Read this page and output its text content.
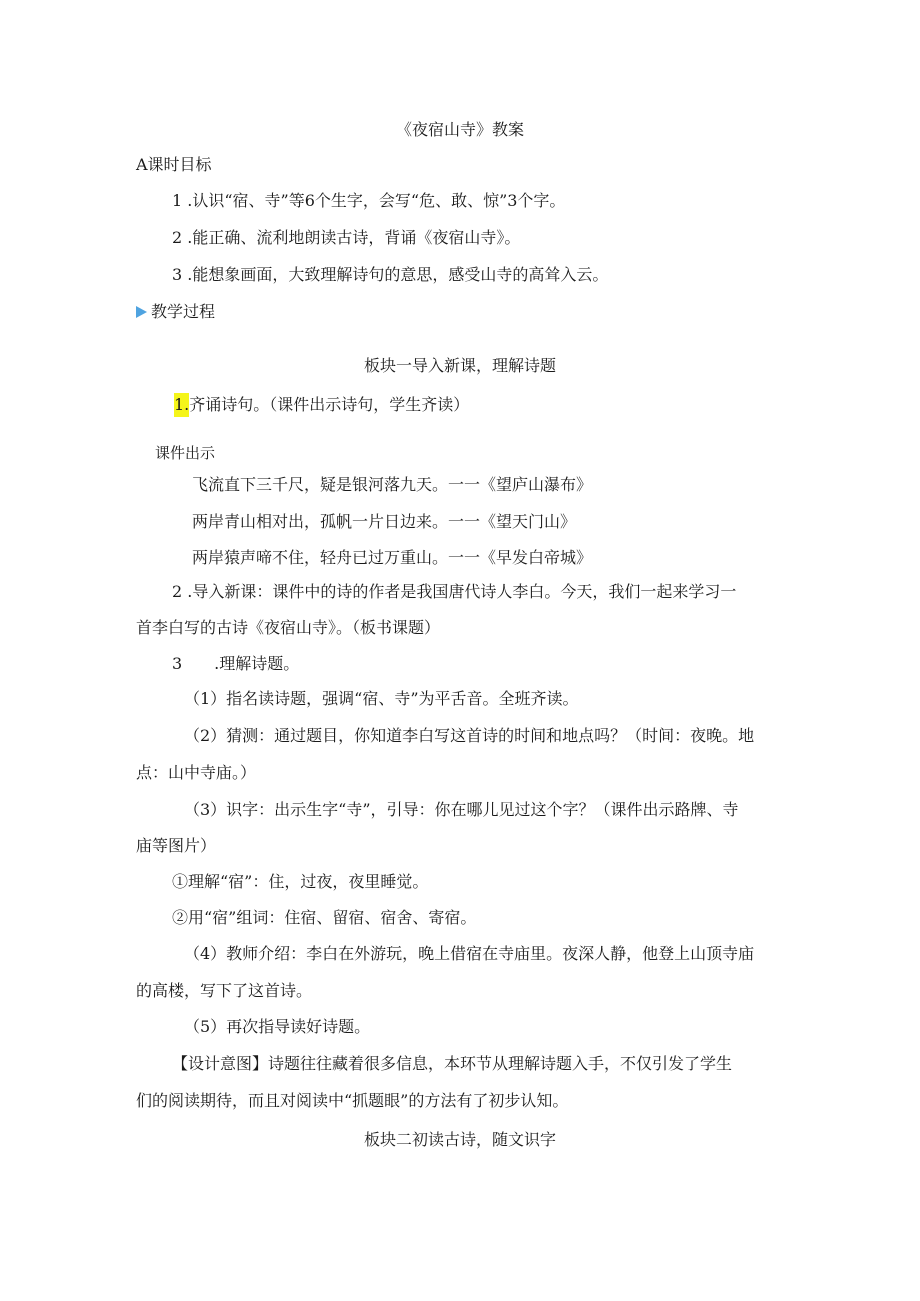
《夜宿山寺》教案
A课时目标
1 .认识“宿、寺”等6个生字，会写“危、敢、惊”3个字。
2 .能正确、流利地朗读古诗，背诵《夜宿山寺》。
3 .能想象画面，大致理解诗句的意思，感受山寺的高耸入云。
教学过程
板块一导入新课，理解诗题
1.齐诵诗句。（课件出示诗句，学生齐读）
课件出示
飞流直下三千尺，疑是银河落九天。一一《望庐山瀑布》
两岸青山相对出，孤帆一片日边来。一一《望天门山》
两岸猿声啼不住，轻舟已过万重山。一一《早发白帝城》
2 .导入新课：课件中的诗的作者是我国唐代诗人李白。今天，我们一起来学习一
首李白写的古诗《夜宿山寺》。（板书课题）
3　　.理解诗题。
（1）指名读诗题，强调“宿、寺”为平舌音。全班齐读。
（2）猜测：通过题目，你知道李白写这首诗的时间和地点吗？（时间：夜晚。地
点：山中寺庙。）
（3）识字：出示生字“寺”，引导：你在哪儿见过这个字？（课件出示路牌、寺
庙等图片）
①理解“宿”：住，过夜，夜里睡觉。
②用“宿”组词：住宿、留宿、宿舍、寄宿。
（4）教师介绍：李白在外游玩，晚上借宿在寺庙里。夜深人静，他登上山顶寺庙
的高楼，写下了这首诗。
（5）再次指导读好诗题。
【设计意图】诗题往往藏着很多信息，本环节从理解诗题入手，不仅引发了学生
们的阅读期待，而且对阅读中“抓题眼”的方法有了初步认知。
板块二初读古诗，随文识字
